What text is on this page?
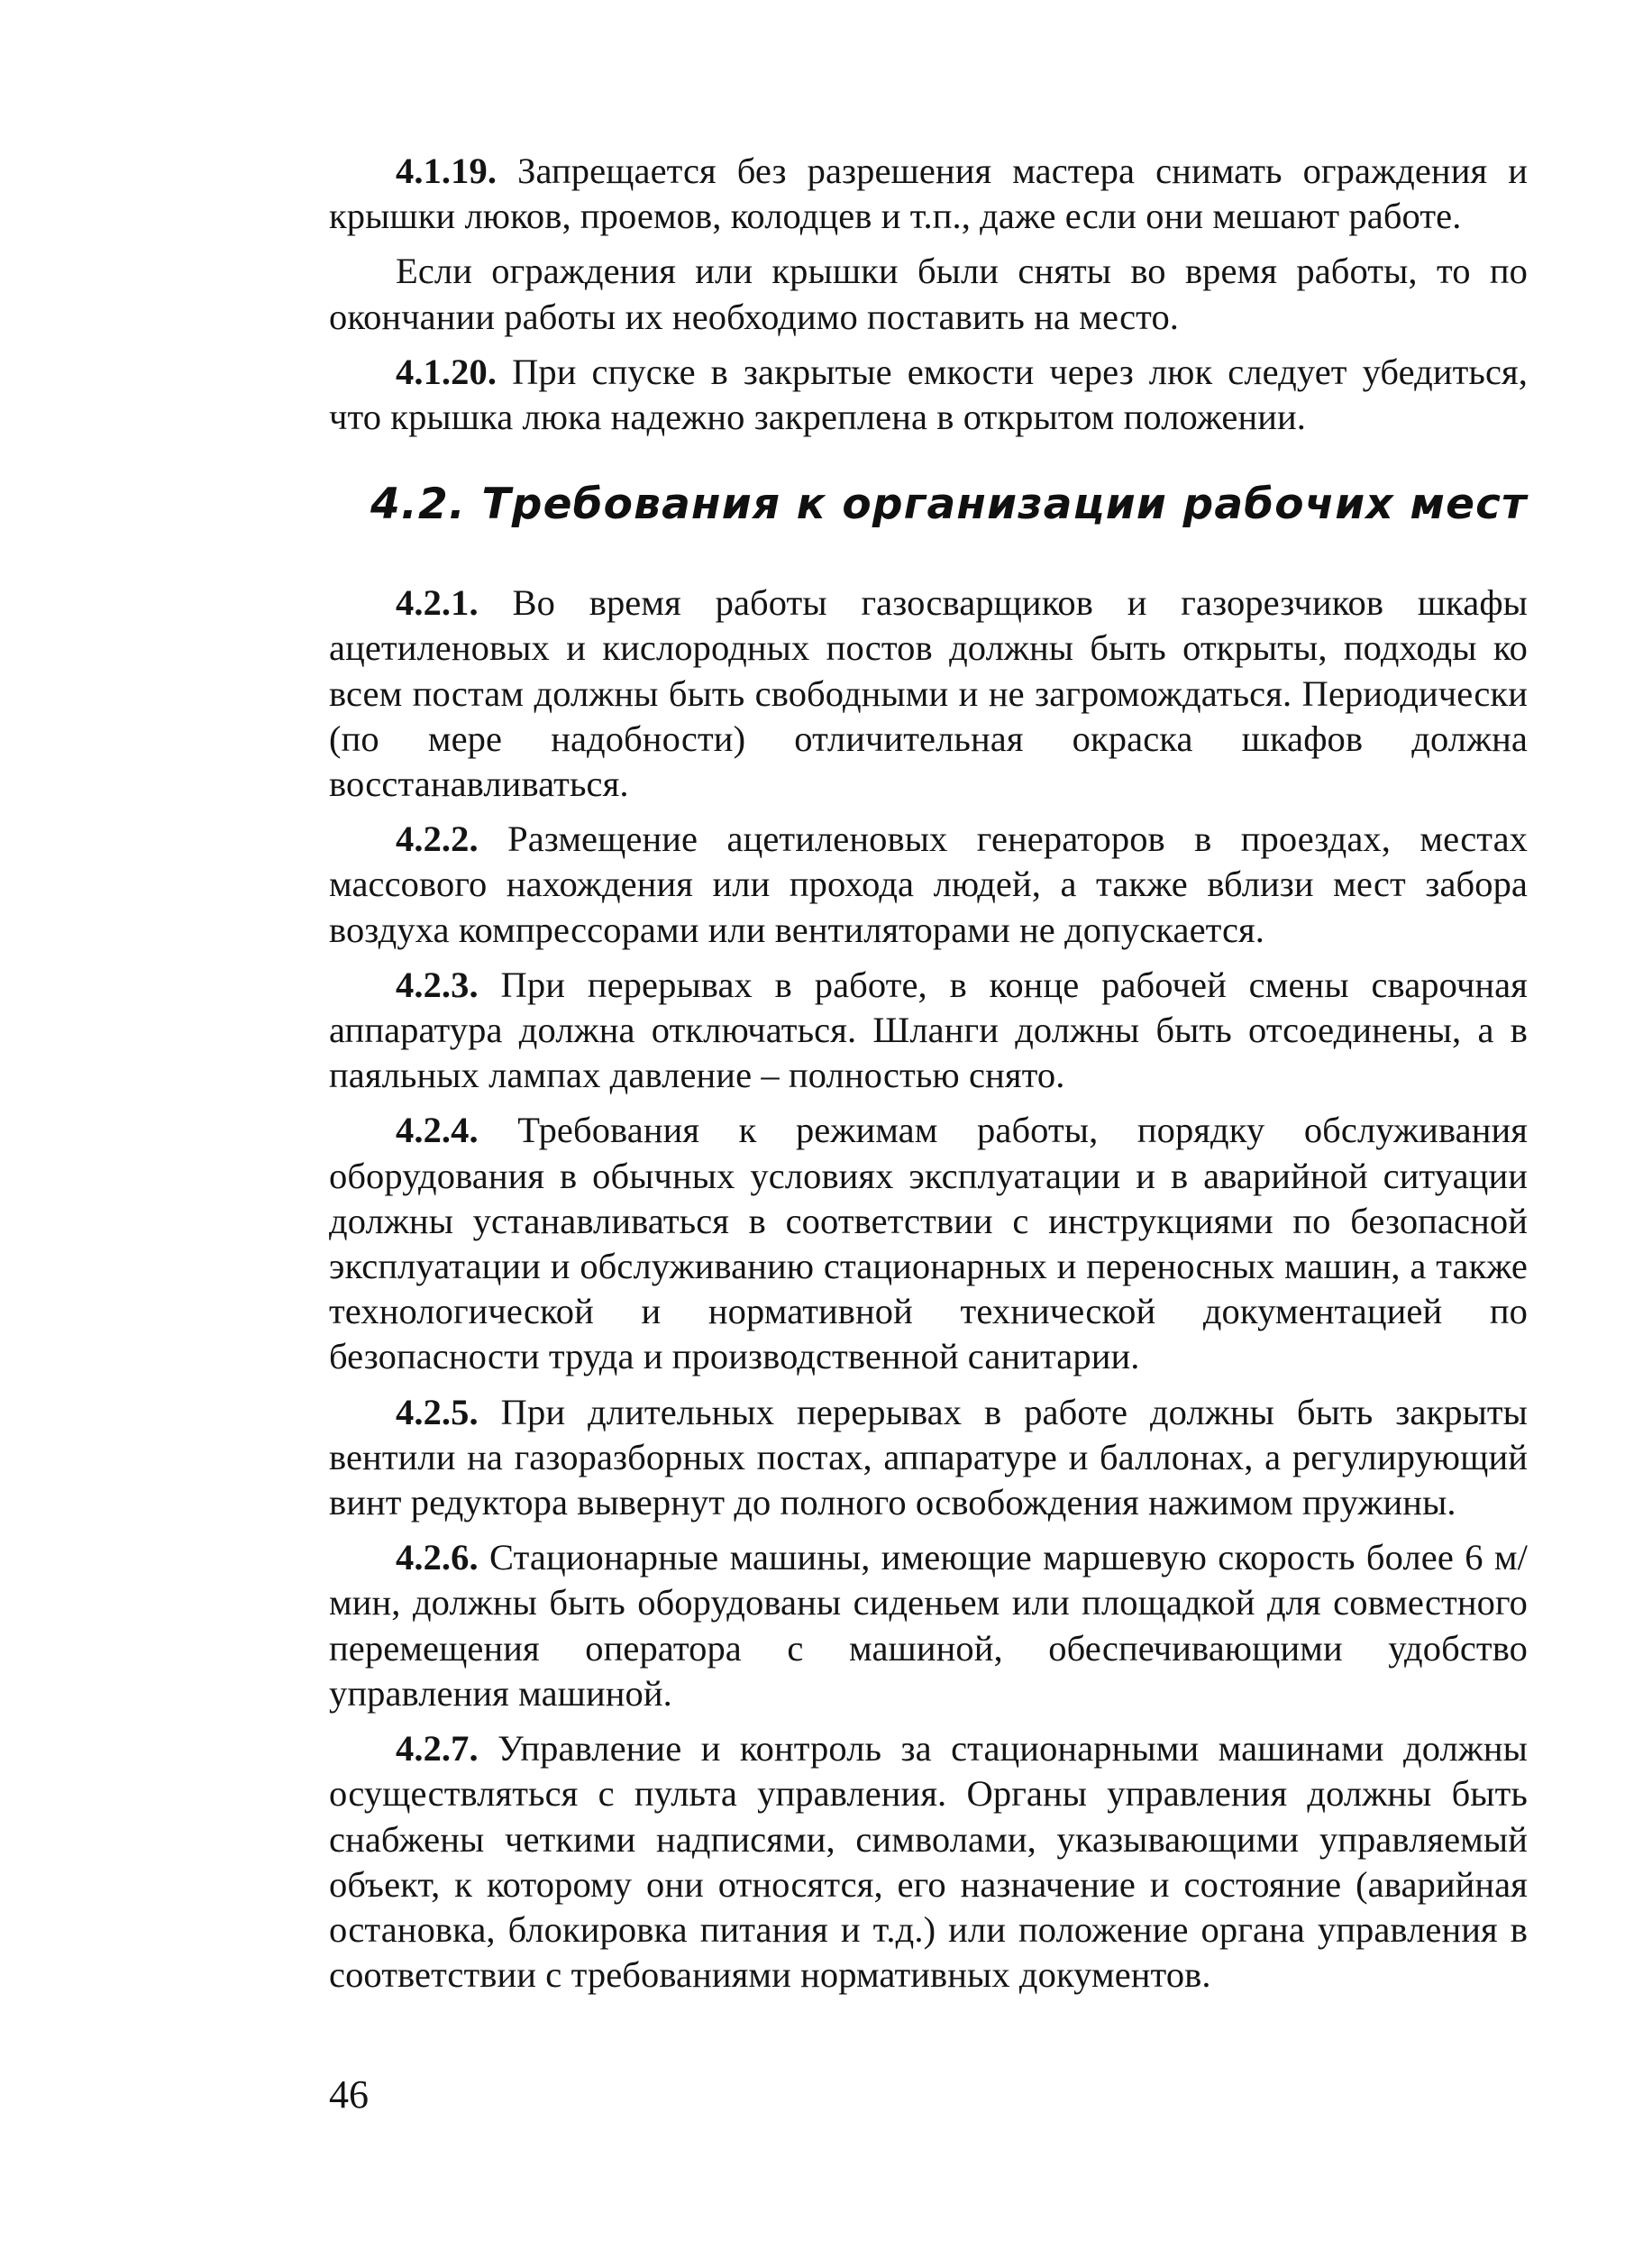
4.1.19. Запрещается без разрешения мастера снимать ограждения и крышки люков, проемов, колодцев и т.п., даже если они мешают работе.

Если ограждения или крышки были сняты во время работы, то по окончании работы их необходимо поставить на место.

4.1.20. При спуске в закрытые емкости через люк следует убедиться, что крышка люка надежно закреплена в открытом положении.

4.2. Требования к организации рабочих мест

4.2.1. Во время работы газосварщиков и газорезчиков шкафы ацетиленовых и кислородных постов должны быть открыты, подходы ко всем постам должны быть свободными и не загромождаться. Периодически (по мере надобности) отличительная окраска шкафов должна восстанавливаться.

4.2.2. Размещение ацетиленовых генераторов в проездах, местах массового нахождения или прохода людей, а также вблизи мест забора воздуха компрессорами или вентиляторами не допускается.

4.2.3. При перерывах в работе, в конце рабочей смены сварочная аппаратура должна отключаться. Шланги должны быть отсоединены, а в паяльных лампах давление – полностью снято.

4.2.4. Требования к режимам работы, порядку обслуживания оборудования в обычных условиях эксплуатации и в аварийной ситуации должны устанавливаться в соответствии с инструкциями по безопасной эксплуатации и обслуживанию стационарных и переносных машин, а также технологической и нормативной технической документацией по безопасности труда и производственной санитарии.

4.2.5. При длительных перерывах в работе должны быть закрыты вентили на газоразборных постах, аппаратуре и баллонах, а регулирующий винт редуктора вывернут до полного освобождения нажимом пружины.

4.2.6. Стационарные машины, имеющие маршевую скорость более 6 м/мин, должны быть оборудованы сиденьем или площадкой для совместного перемещения оператора с машиной, обеспечивающими удобство управления машиной.

4.2.7. Управление и контроль за стационарными машинами должны осуществляться с пульта управления. Органы управления должны быть снабжены четкими надписями, символами, указывающими управляемый объект, к которому они относятся, его назначение и состояние (аварийная остановка, блокировка питания и т.д.) или положение органа управления в соответствии с требованиями нормативных документов.

46
